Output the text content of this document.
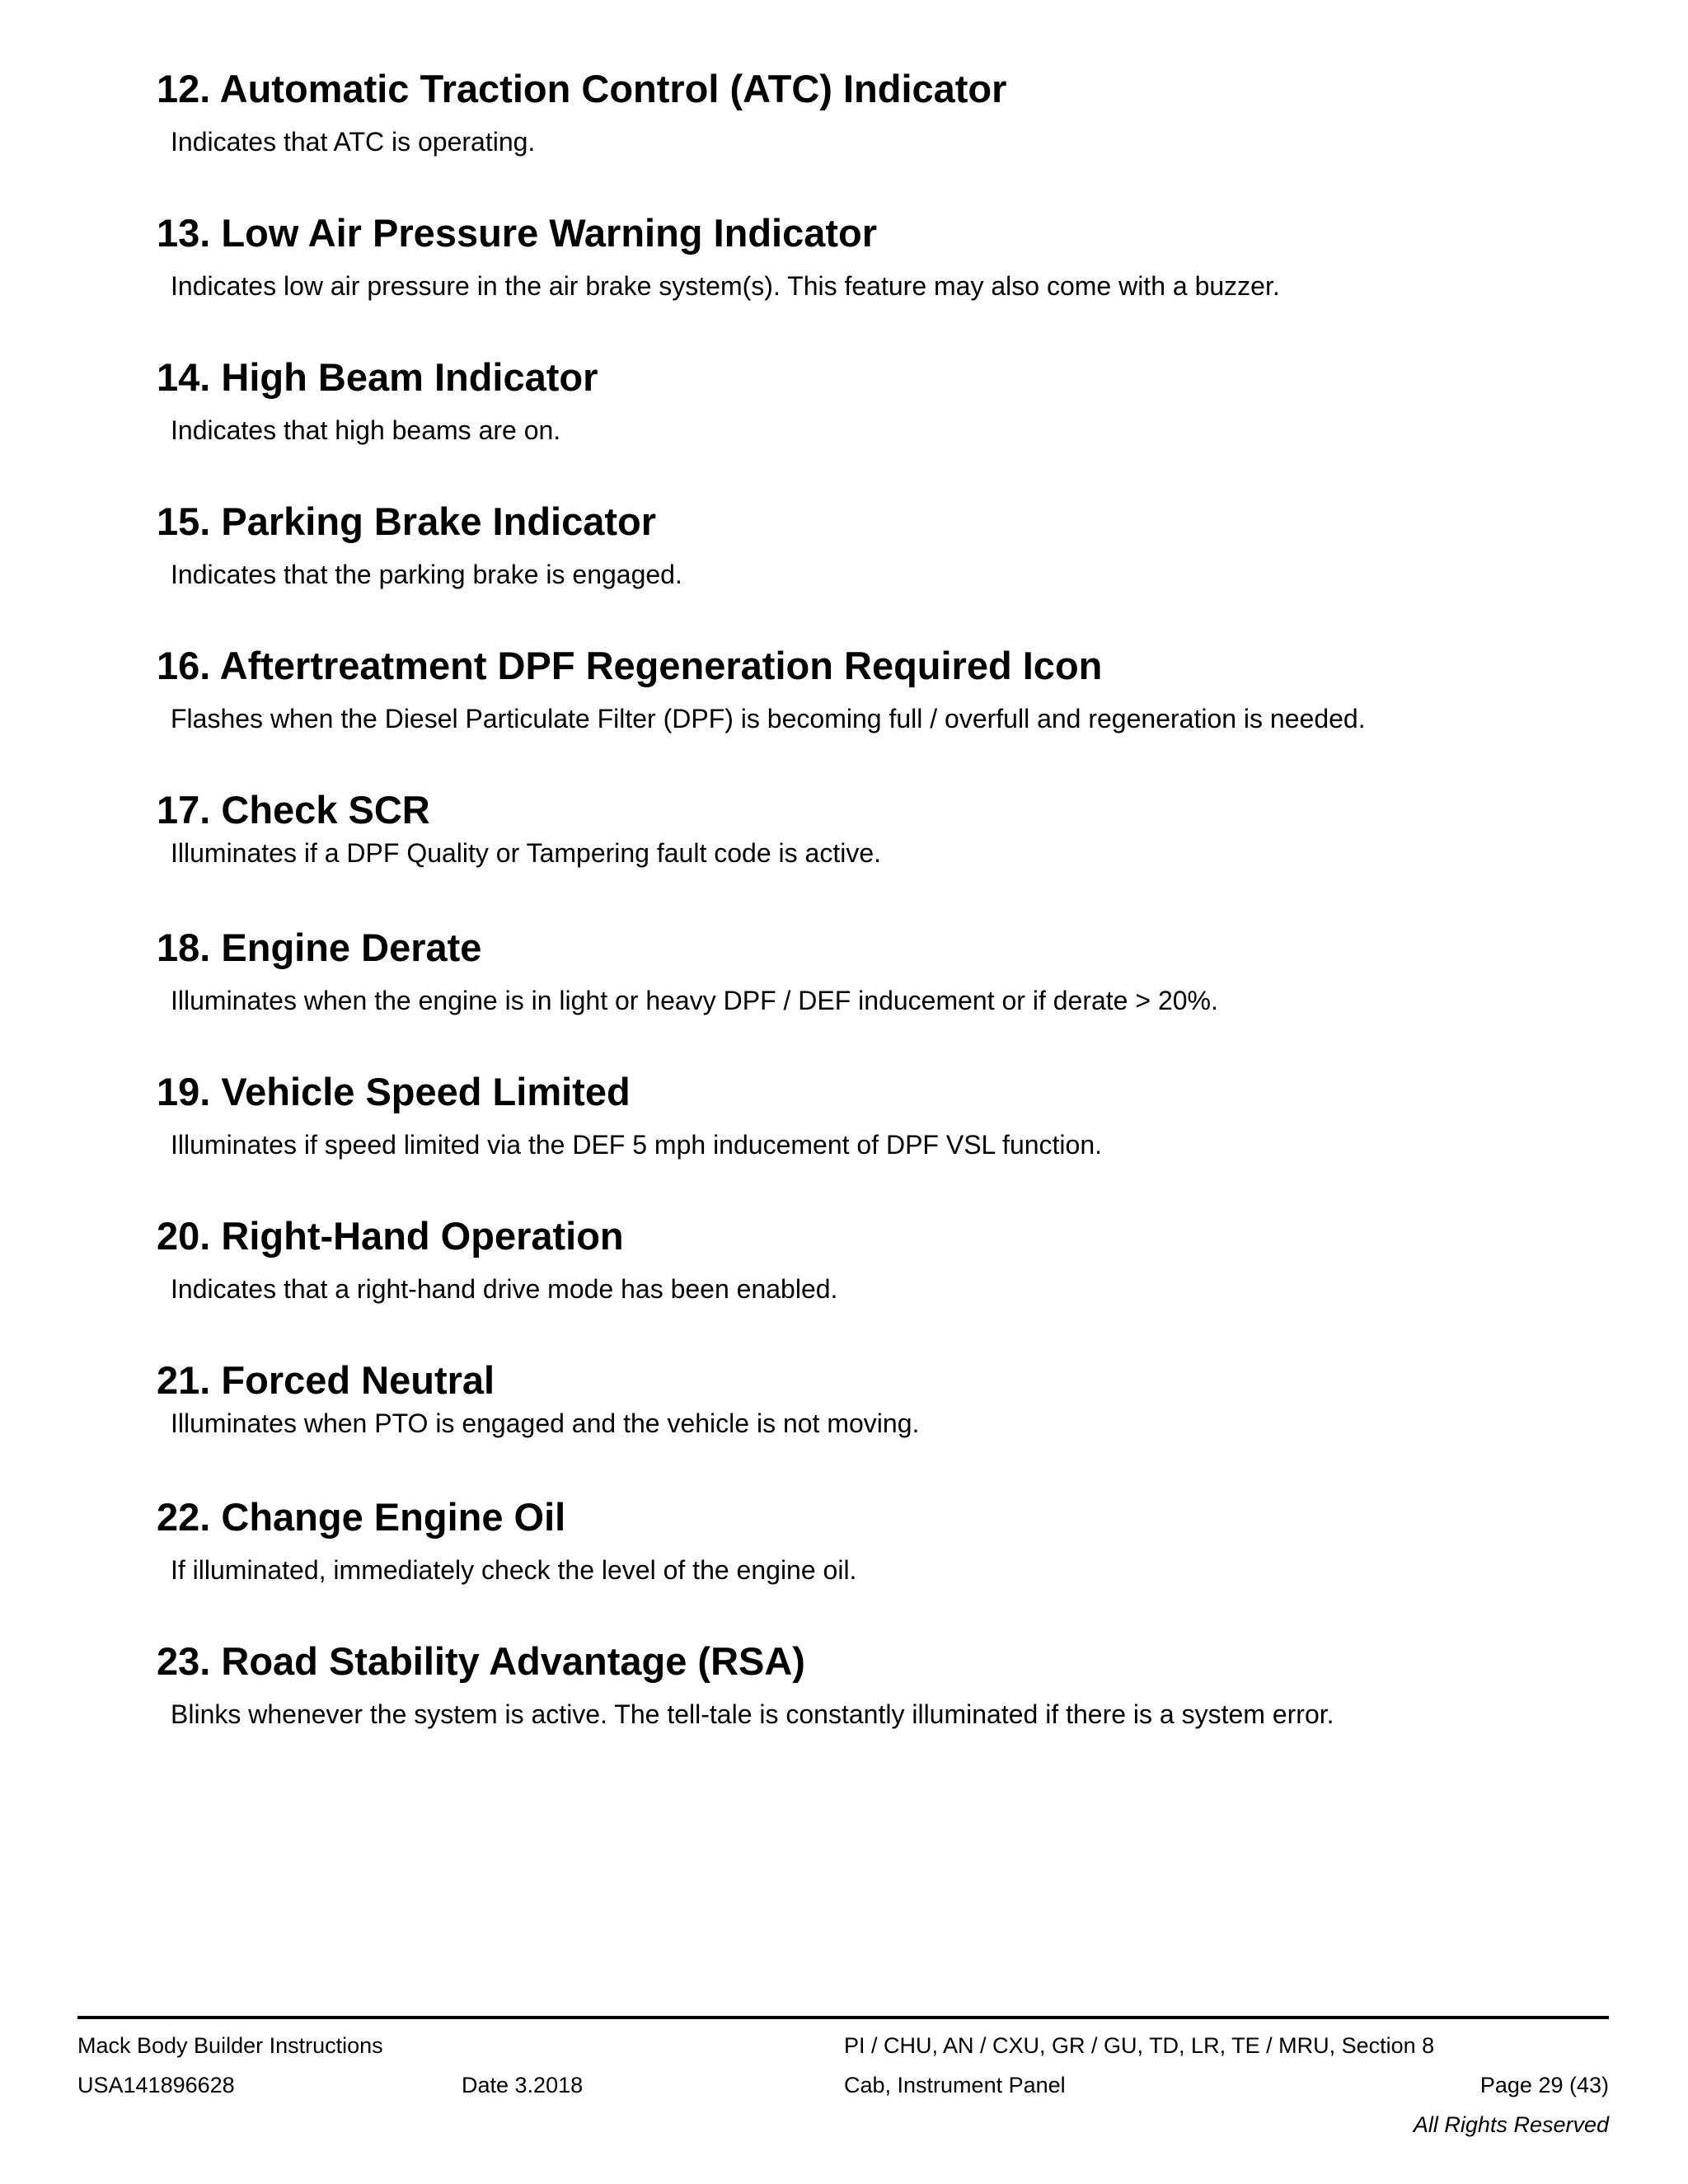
12. Automatic Traction Control (ATC) Indicator

Indicates that ATC is operating.

13. Low Air Pressure Warning Indicator

Indicates low air pressure in the air brake system(s). This feature may also come with a buzzer.

14. High Beam Indicator

Indicates that high beams are on.

15. Parking Brake Indicator

Indicates that the parking brake is engaged.

16. Aftertreatment DPF Regeneration Required Icon

Flashes when the Diesel Particulate Filter (DPF) is becoming full / overfull and regeneration is needed.

17. Check SCR

Illuminates if a DPF Quality or Tampering fault code is active.

18. Engine Derate

Illuminates when the engine is in light or heavy DPF / DEF inducement or if derate > 20%.

19. Vehicle Speed Limited

Illuminates if speed limited via the DEF 5 mph inducement of DPF VSL function.

20. Right-Hand Operation

Indicates that a right-hand drive mode has been enabled.

21. Forced Neutral

Illuminates when PTO is engaged and the vehicle is not moving.

22. Change Engine Oil

If illuminated, immediately check the level of the engine oil.

23. Road Stability Advantage (RSA)

Blinks whenever the system is active. The tell-tale is constantly illuminated if there is a system error.

Mack Body Builder Instructions	PI / CHU, AN / CXU, GR / GU, TD, LR, TE / MRU, Section 8
USA141896628	Date 3.2018	Cab, Instrument Panel	Page 29 (43)
All Rights Reserved
